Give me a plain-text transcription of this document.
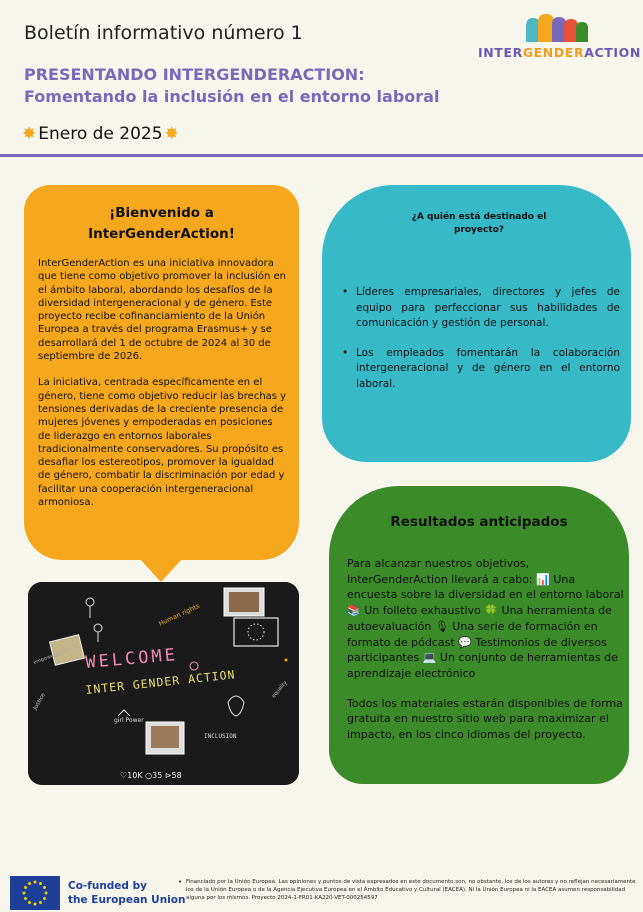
Boletín informativo número 1
INTERGENDERACTION
PRESENTANDO INTERGENDERACTION:
Fomentando la inclusión en el entorno laboral
✸ Enero de 2025 ✸
¡Bienvenido a
InterGenderAction!

InterGenderAction es una iniciativa innovadora que tiene como objetivo promover la inclusión en el ámbito laboral, abordando los desafíos de la diversidad intergeneracional y de género. Este proyecto recibe cofinanciamiento de la Unión Europea a través del programa Erasmus+ y se desarrollará del 1 de octubre de 2024 al 30 de septiembre de 2026.

La iniciativa, centrada específicamente en el género, tiene como objetivo reducir las brechas y tensiones derivadas de la creciente presencia de mujeres jóvenes y empoderadas en posiciones de liderazgo en entornos laborales tradicionalmente conservadores. Su propósito es desafiar los estereotipos, promover la igualdad de género, combatir la discriminación por edad y facilitar una cooperación intergeneracional armoniosa.

¿A quién está destinado el proyecto?
• Líderes empresariales, directores y jefes de equipo para perfeccionar sus habilidades de comunicación y gestión de personal.
• Los empleados fomentarán la colaboración intergeneracional y de género en el entorno laboral.
WELCOME
INTER GENDER ACTION
Human rights
empowerment
Justice
girl Power
INCLUSION
equality
♡10K ○35 ⊳58
Resultados anticipados

Para alcanzar nuestros objetivos, InterGenderAction llevará a cabo: 📊 Una encuesta sobre la diversidad en el entorno laboral 📚 Un folleto exhaustivo 🍀 Una herramienta de autoevaluación 🎙 Una serie de formación en formato de pódcast 💬 Testimonios de diversos participantes 💻 Un conjunto de herramientas de aprendizaje electrónico

Todos los materiales estarán disponibles de forma gratuita en nuestro sitio web para maximizar el impacto, en los cinco idiomas del proyecto.

Co-funded by
the European Union
• Financiado por la Unión Europea. Las opiniones y puntos de vista expresados en este documento son, no obstante, los de los autores y no reflejan necesariamente los de la Unión Europea o de la Agencia Ejecutiva Europea en el Ámbito Educativo y Cultural (EACEA). Ni la Unión Europea ni la EACEA asumen responsabilidad alguna por los mismos. Proyecto 2024-1-FR01-KA220-VET-000254597
